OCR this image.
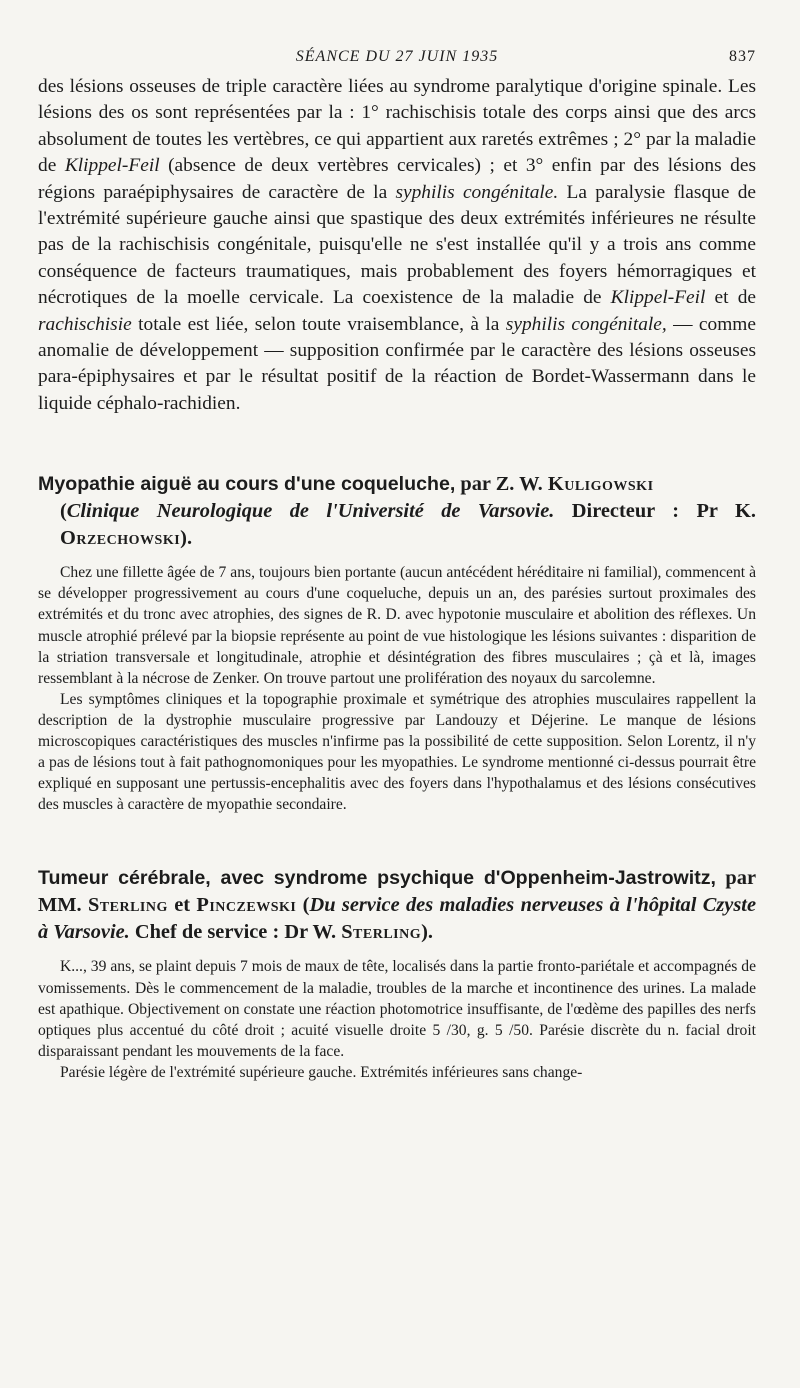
SÉANCE DU 27 JUIN 1935	837

des lésions osseuses de triple caractère liées au syndrome paralytique d'origine spinale. Les lésions des os sont représentées par la : 1° rachischisis totale des corps ainsi que des arcs absolument de toutes les vertèbres, ce qui appartient aux raretés extrêmes ; 2° par la maladie de Klippel-Feil (absence de deux vertèbres cervicales) ; et 3° enfin par des lésions des régions paraépiphysaires de caractère de la syphilis congénitale. La paralysie flasque de l'extrémité supérieure gauche ainsi que spastique des deux extrémités inférieures ne résulte pas de la rachischisis congénitale, puisqu'elle ne s'est installée qu'il y a trois ans comme conséquence de facteurs traumatiques, mais probablement des foyers hémorragiques et nécrotiques de la moelle cervicale. La coexistence de la maladie de Klippel-Feil et de rachischisie totale est liée, selon toute vraisemblance, à la syphilis congénitale, — comme anomalie de développement — supposition confirmée par le caractère des lésions osseuses para-épiphysaires et par le résultat positif de la réaction de Bordet-Wassermann dans le liquide céphalo-rachidien.

Myopathie aiguë au cours d'une coqueluche, par Z. W. Kuligowski
(Clinique Neurologique de l'Université de Varsovie. Directeur : Pr K. Orzechowski).

Chez une fillette âgée de 7 ans, toujours bien portante (aucun antécédent héréditaire ni familial), commencent à se développer progressivement au cours d'une coqueluche, depuis un an, des parésies surtout proximales des extrémités et du tronc avec atrophies, des signes de R. D. avec hypotonie musculaire et abolition des réflexes. Un muscle atrophié prélevé par la biopsie représente au point de vue histologique les lésions suivantes : disparition de la striation transversale et longitudinale, atrophie et désintégration des fibres musculaires ; çà et là, images ressemblant à la nécrose de Zenker. On trouve partout une prolifération des noyaux du sarcolemne.

Les symptômes cliniques et la topographie proximale et symétrique des atrophies musculaires rappellent la description de la dystrophie musculaire progressive par Landouzy et Déjerine. Le manque de lésions microscopiques caractéristiques des muscles n'infirme pas la possibilité de cette supposition. Selon Lorentz, il n'y a pas de lésions tout à fait pathognomoniques pour les myopathies. Le syndrome mentionné ci-dessus pourrait être expliqué en supposant une pertussis-encephalitis avec des foyers dans l'hypothalamus et des lésions consécutives des muscles à caractère de myopathie secondaire.

Tumeur cérébrale, avec syndrome psychique d'Oppenheim-Jastrowitz, par MM. Sterling et Pinczewski (Du service des maladies nerveuses à l'hôpital Czyste à Varsovie. Chef de service : Dr W. Sterling).

K..., 39 ans, se plaint depuis 7 mois de maux de tête, localisés dans la partie fronto-pariétale et accompagnés de vomissements. Dès le commencement de la maladie, troubles de la marche et incontinence des urines. La malade est apathique. Objectivement on constate une réaction photomotrice insuffisante, de l'œdème des papilles des nerfs optiques plus accentué du côté droit ; acuité visuelle droite 5 /30, g. 5 /50. Parésie discrète du n. facial droit disparaissant pendant les mouvements de la face.

Parésie légère de l'extrémité supérieure gauche. Extrémités inférieures sans change-
